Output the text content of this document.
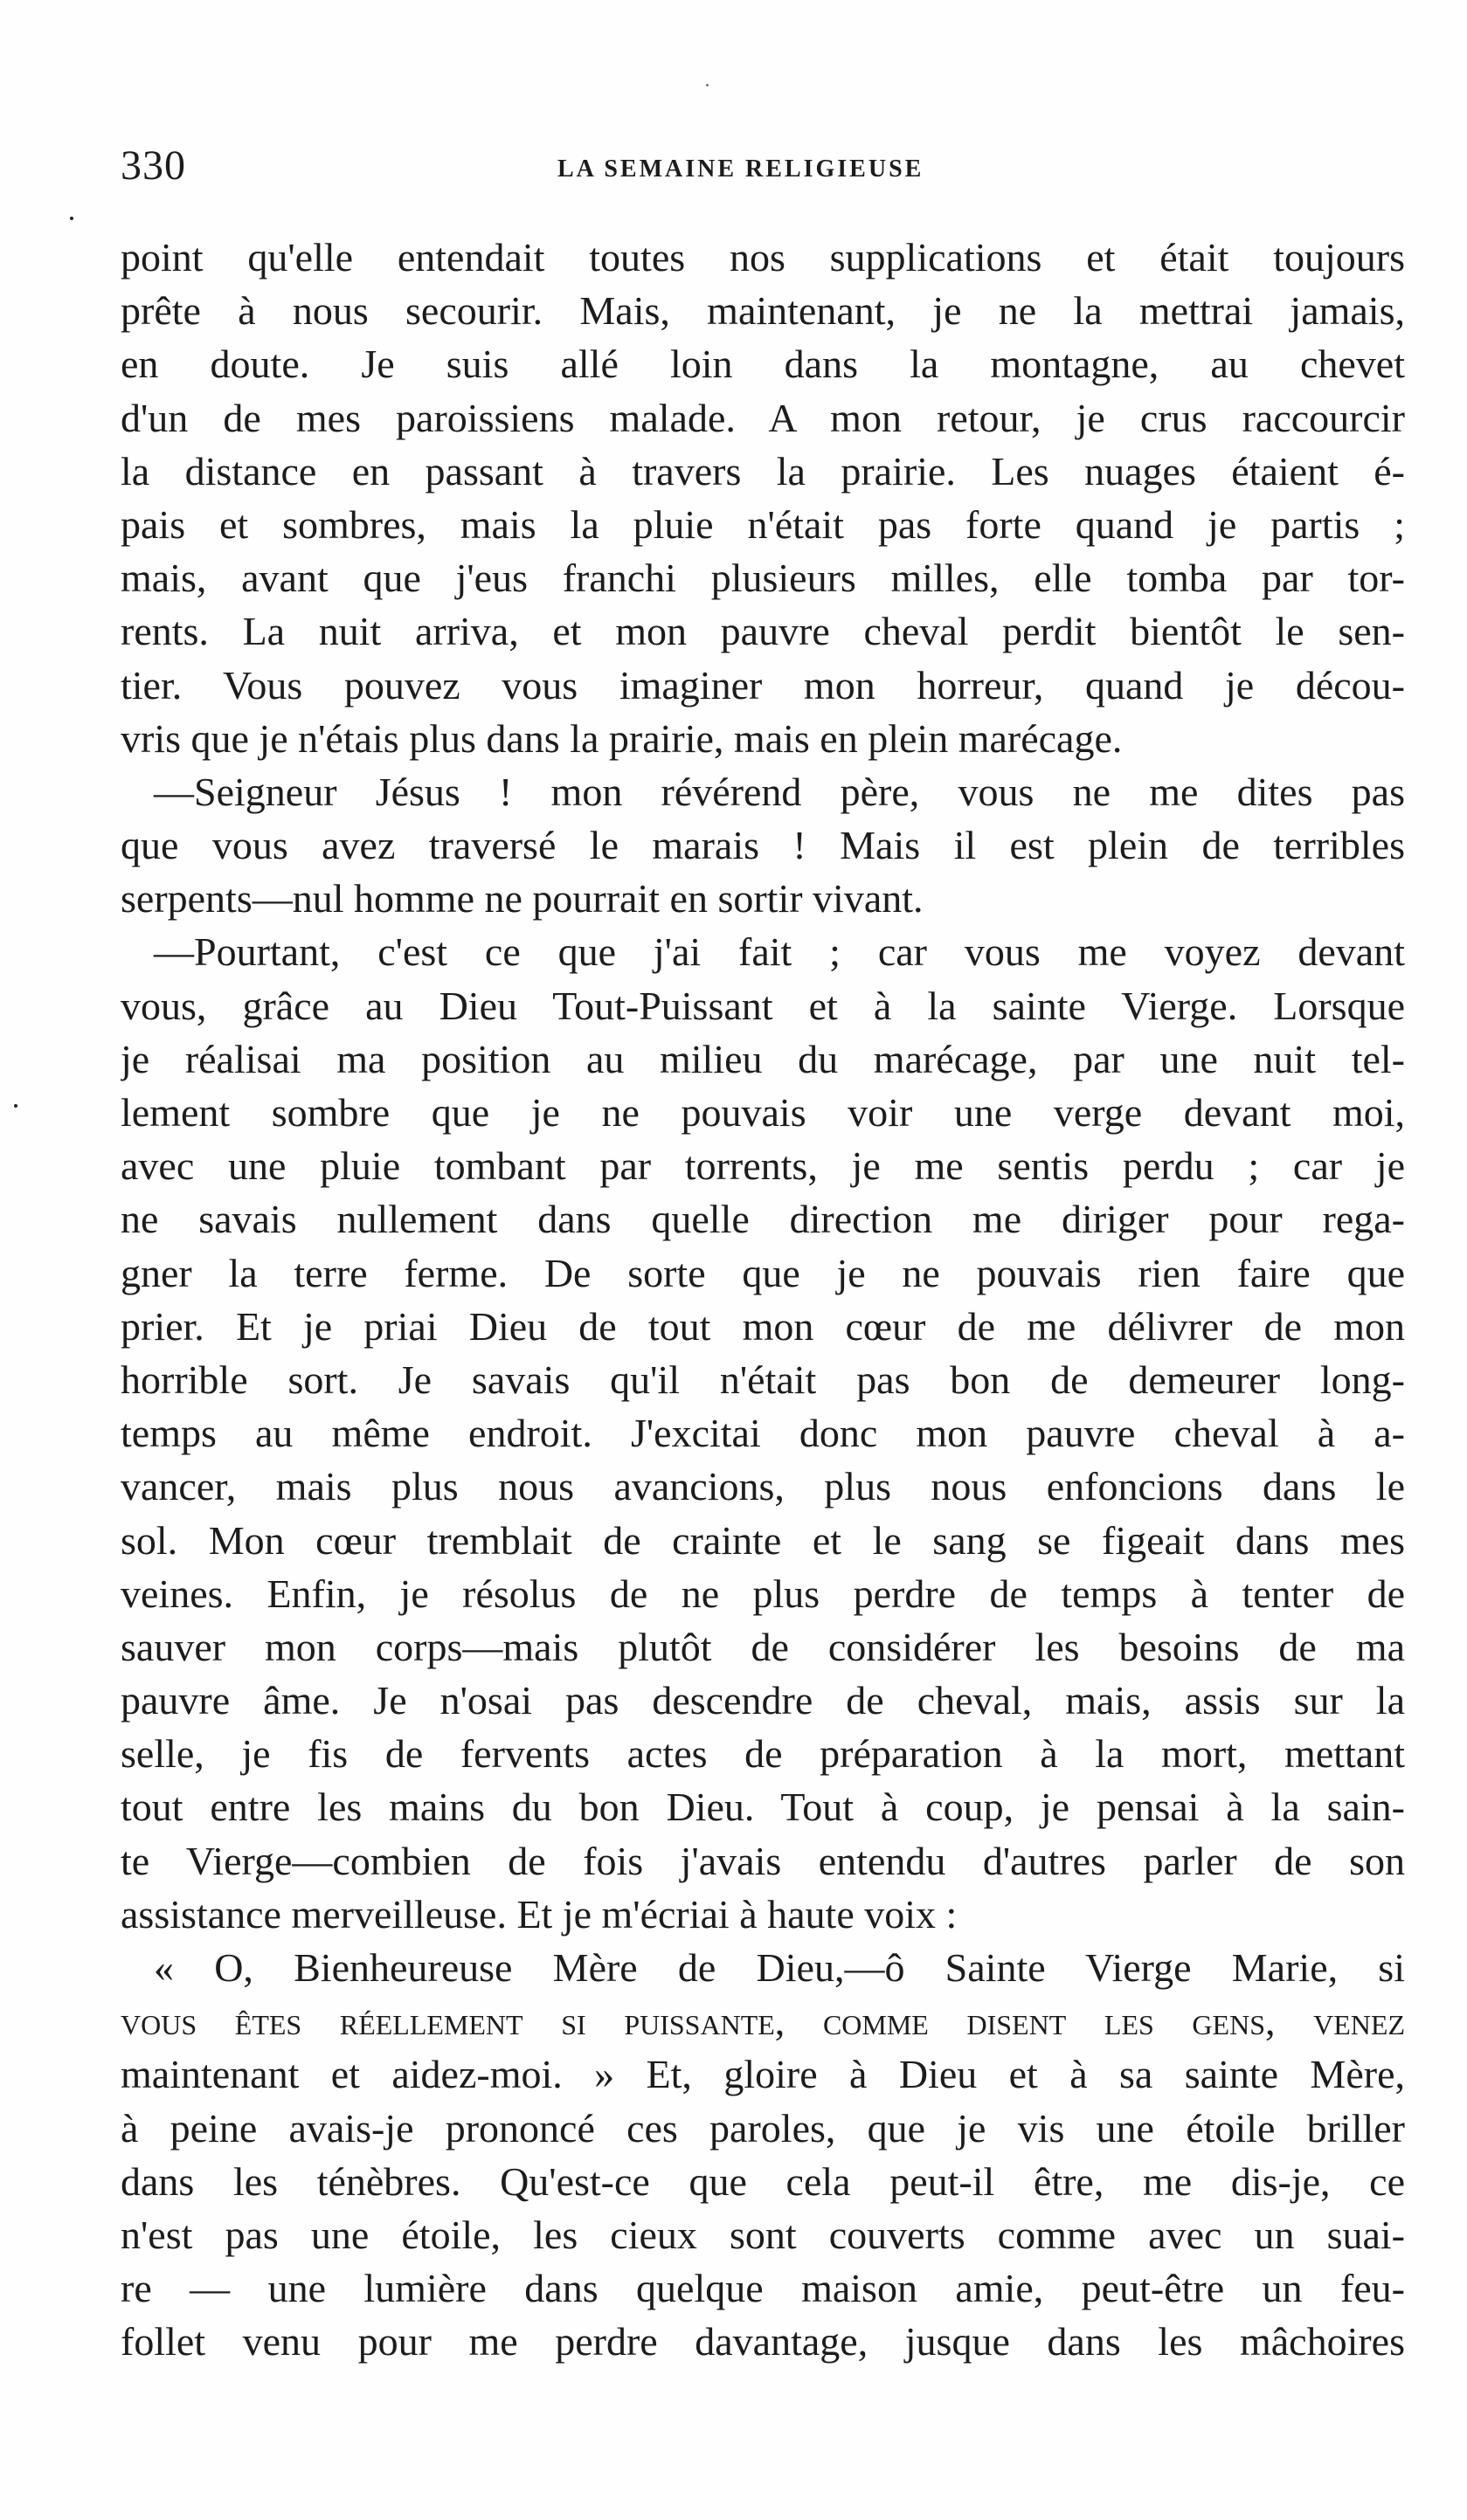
330	LA SEMAINE RELIGIEUSE
point qu'elle entendait toutes nos supplications et était toujours
prête à nous secourir. Mais, maintenant, je ne la mettrai jamais,
en doute. Je suis allé loin dans la montagne, au chevet
d'un de mes paroissiens malade. A mon retour, je crus raccourcir
la distance en passant à travers la prairie. Les nuages étaient é-
pais et sombres, mais la pluie n'était pas forte quand je partis ;
mais, avant que j'eus franchi plusieurs milles, elle tomba par tor-
rents. La nuit arriva, et mon pauvre cheval perdit bientôt le sen-
tier. Vous pouvez vous imaginer mon horreur, quand je décou-
vris que je n'étais plus dans la prairie, mais en plein marécage.
—Seigneur Jésus ! mon révérend père, vous ne me dites pas
que vous avez traversé le marais ! Mais il est plein de terribles
serpents—nul homme ne pourrait en sortir vivant.
—Pourtant, c'est ce que j'ai fait ; car vous me voyez devant
vous, grâce au Dieu Tout-Puissant et à la sainte Vierge. Lorsque
je réalisai ma position au milieu du marécage, par une nuit tel-
lement sombre que je ne pouvais voir une verge devant moi,
avec une pluie tombant par torrents, je me sentis perdu ; car je
ne savais nullement dans quelle direction me diriger pour rega-
gner la terre ferme. De sorte que je ne pouvais rien faire que
prier. Et je priai Dieu de tout mon cœur de me délivrer de mon
horrible sort. Je savais qu'il n'était pas bon de demeurer long-
temps au même endroit. J'excitai donc mon pauvre cheval à a-
vancer, mais plus nous avancions, plus nous enfoncions dans le
sol. Mon cœur tremblait de crainte et le sang se figeait dans mes
veines. Enfin, je résolus de ne plus perdre de temps à tenter de
sauver mon corps—mais plutôt de considérer les besoins de ma
pauvre âme. Je n'osai pas descendre de cheval, mais, assis sur la
selle, je fis de fervents actes de préparation à la mort, mettant
tout entre les mains du bon Dieu. Tout à coup, je pensai à la sain-
te Vierge—combien de fois j'avais entendu d'autres parler de son
assistance merveilleuse. Et je m'écriai à haute voix :
« O, Bienheureuse Mère de Dieu,—ô Sainte Vierge Marie, si
vous êtes réellement si puissante, comme disent les gens, venez
maintenant et aidez-moi. » Et, gloire à Dieu et à sa sainte Mère,
à peine avais-je prononcé ces paroles, que je vis une étoile briller
dans les ténèbres. Qu'est-ce que cela peut-il être, me dis-je, ce
n'est pas une étoile, les cieux sont couverts comme avec un suai-
re — une lumière dans quelque maison amie, peut-être un feu-
follet venu pour me perdre davantage, jusque dans les mâchoires
